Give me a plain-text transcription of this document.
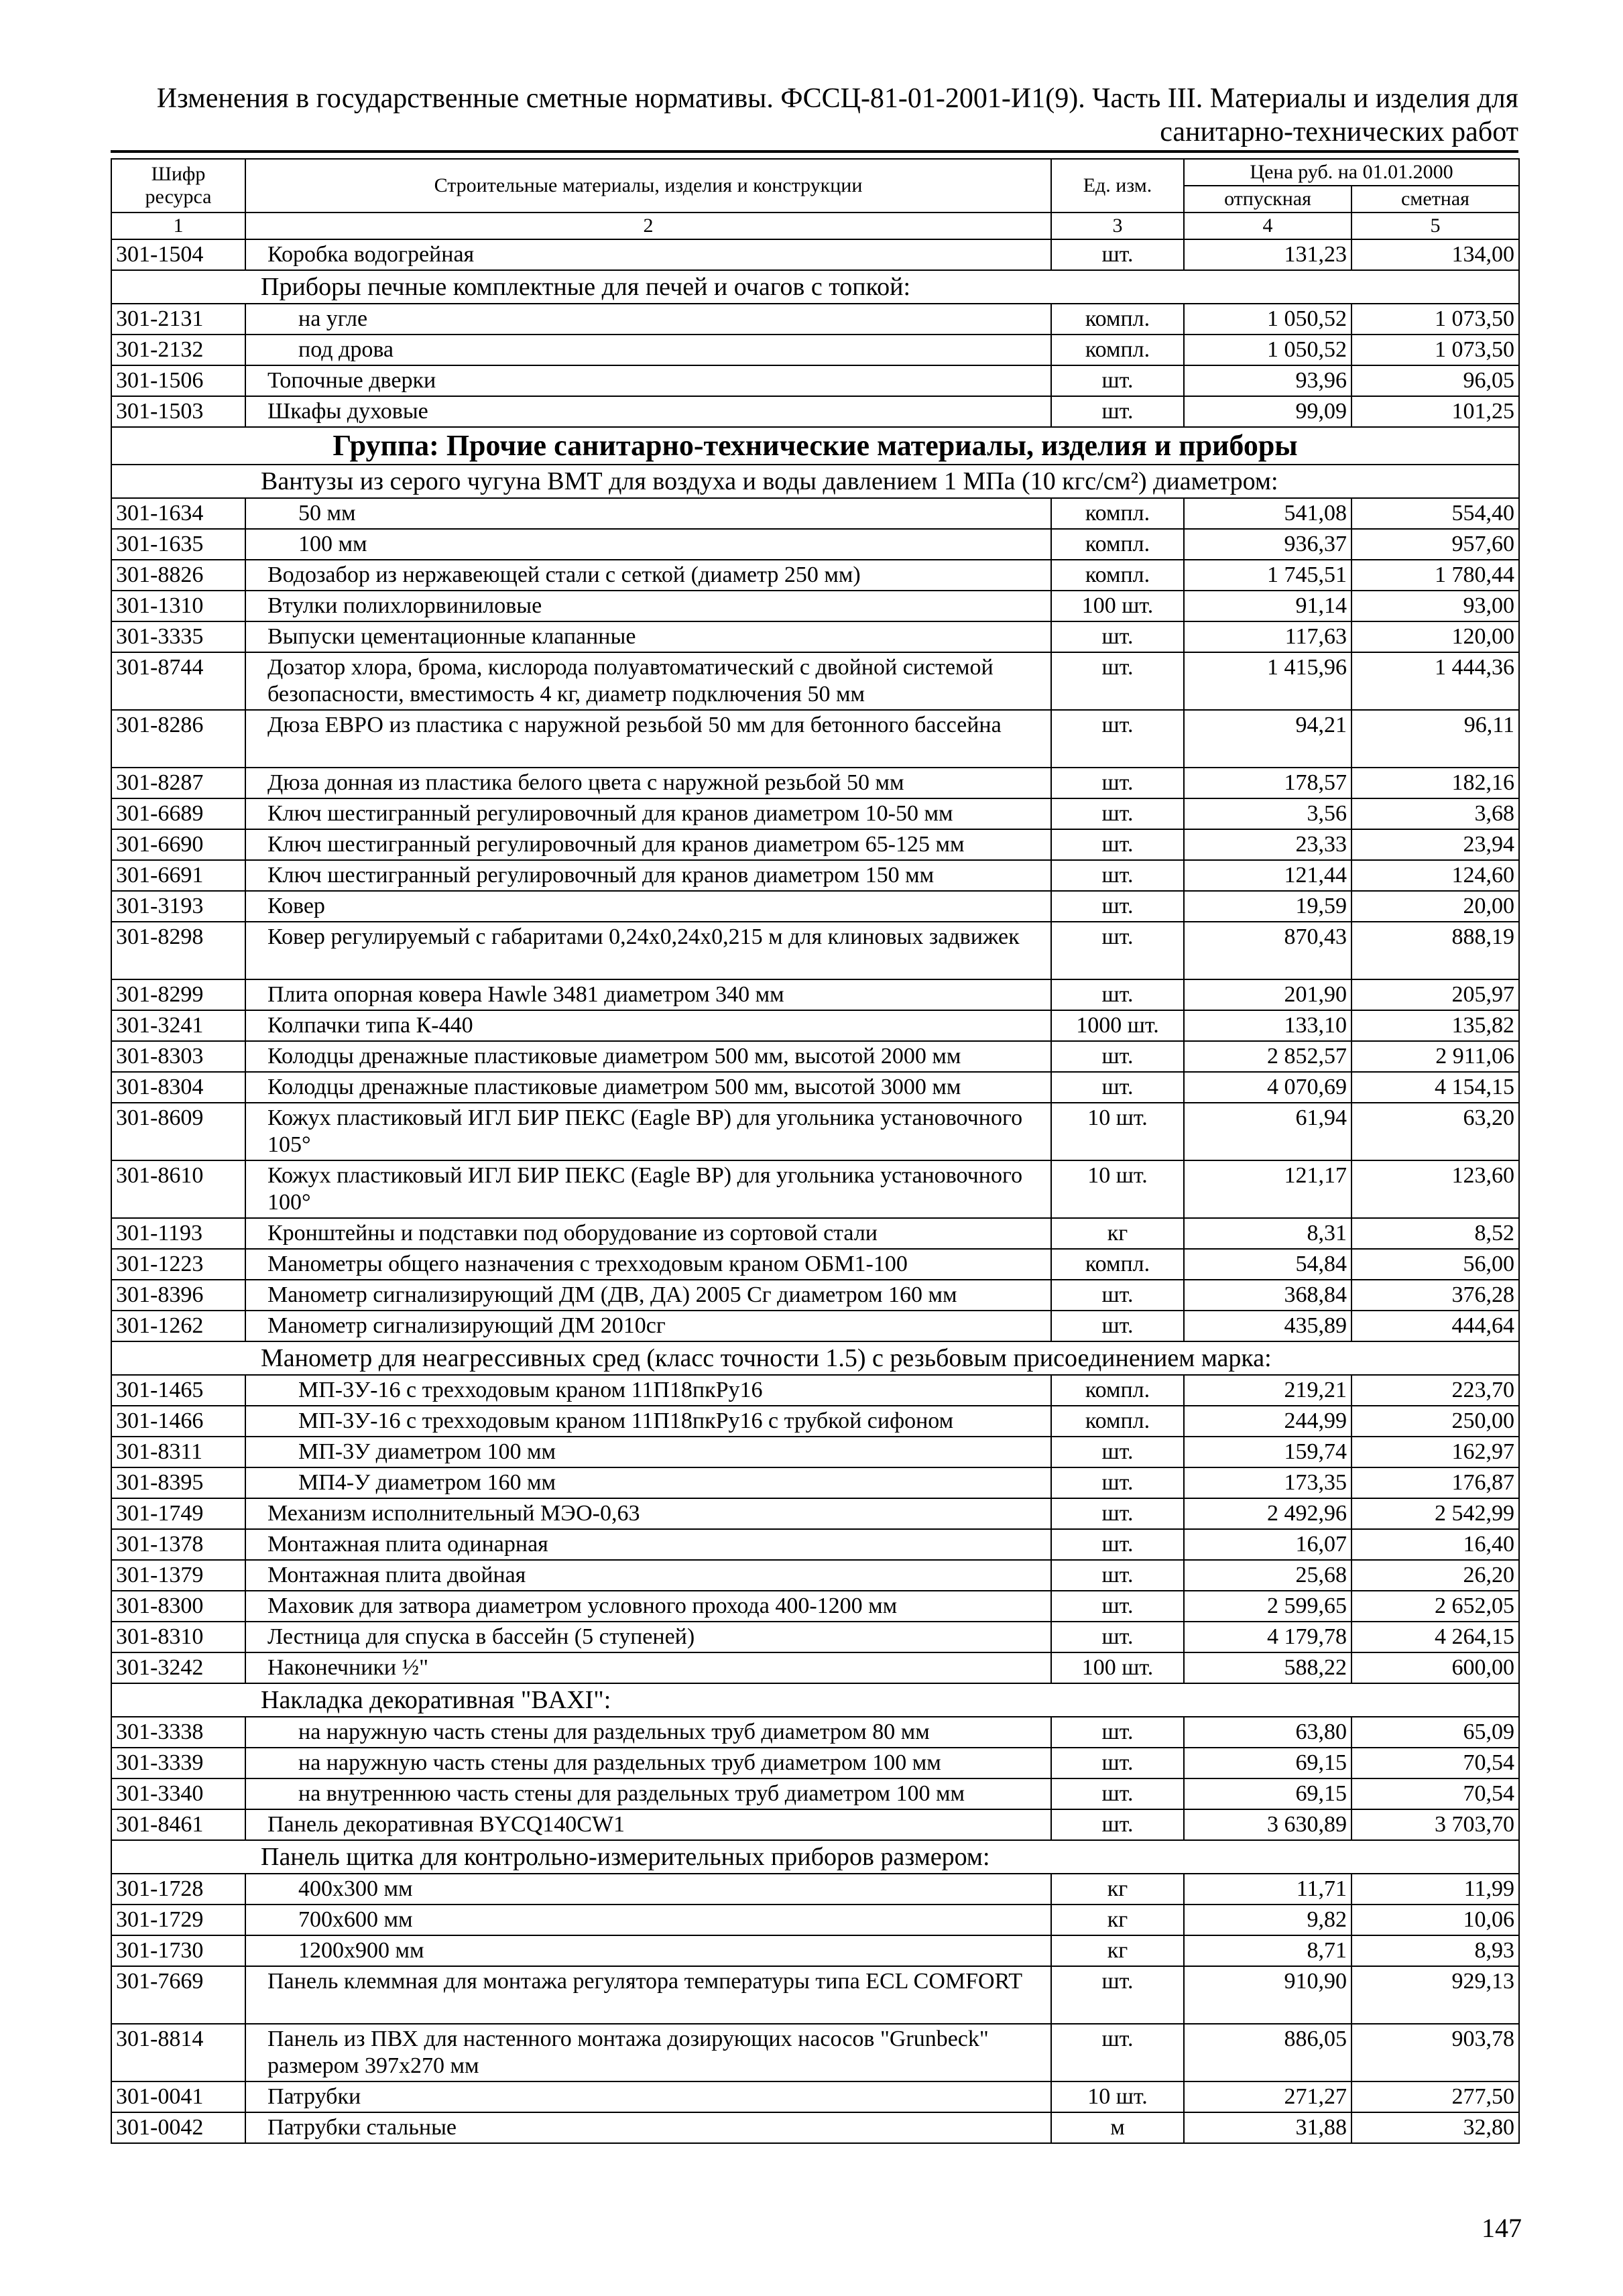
Изменения в государственные сметные нормативы. ФССЦ-81-01-2001-И1(9). Часть III. Материалы и изделия для
санитарно-технических работ
Шифр ресурса	Строительные материалы, изделия и конструкции	Ед. изм.	Цена руб. на 01.01.2000	
			отпускная	сметная
1	2	3	4	5
301-1504	Коробка водогрейная	шт.	131,23	134,00
Приборы печные комплектные для печей и очагов с топкой:				
301-2131	на угле	компл.	1 050,52	1 073,50
301-2132	под дрова	компл.	1 050,52	1 073,50
301-1506	Топочные дверки	шт.	93,96	96,05
301-1503	Шкафы духовые	шт.	99,09	101,25
Группа: Прочие санитарно-технические материалы, изделия и приборы				
Вантузы из серого чугуна ВМТ для воздуха и воды давлением 1 МПа (10 кгс/см²) диаметром:				
301-1634	50 мм	компл.	541,08	554,40
301-1635	100 мм	компл.	936,37	957,60
301-8826	Водозабор из нержавеющей стали с сеткой (диаметр 250 мм)	компл.	1 745,51	1 780,44
301-1310	Втулки полихлорвиниловые	100 шт.	91,14	93,00
301-3335	Выпуски цементационные клапанные	шт.	117,63	120,00
301-8744	Дозатор хлора, брома, кислорода полуавтоматический с двойной системой безопасности, вместимость 4 кг, диаметр подключения 50 мм	шт.	1 415,96	1 444,36
301-8286	Дюза ЕВРО из пластика с наружной резьбой 50 мм для бетонного бассейна	шт.	94,21	96,11
301-8287	Дюза донная из пластика белого цвета с наружной резьбой 50 мм	шт.	178,57	182,16
301-6689	Ключ шестигранный регулировочный для кранов диаметром 10-50 мм	шт.	3,56	3,68
301-6690	Ключ шестигранный регулировочный для кранов диаметром 65-125 мм	шт.	23,33	23,94
301-6691	Ключ шестигранный регулировочный для кранов диаметром 150 мм	шт.	121,44	124,60
301-3193	Ковер	шт.	19,59	20,00
301-8298	Ковер регулируемый с габаритами 0,24х0,24х0,215 м для клиновых задвижек	шт.	870,43	888,19
301-8299	Плита опорная ковера Hawle 3481 диаметром 340 мм	шт.	201,90	205,97
301-3241	Колпачки типа К-440	1000 шт.	133,10	135,82
301-8303	Колодцы дренажные пластиковые диаметром 500 мм, высотой 2000 мм	шт.	2 852,57	2 911,06
301-8304	Колодцы дренажные пластиковые диаметром 500 мм, высотой 3000 мм	шт.	4 070,69	4 154,15
301-8609	Кожух пластиковый ИГЛ БИР ПЕКС (Eagle BP) для угольника установочного 105°	10 шт.	61,94	63,20
301-8610	Кожух пластиковый ИГЛ БИР ПЕКС (Eagle BP) для угольника установочного 100°	10 шт.	121,17	123,60
301-1193	Кронштейны и подставки под оборудование из сортовой стали	кг	8,31	8,52
301-1223	Манометры общего назначения с трехходовым краном ОБМ1-100	компл.	54,84	56,00
301-8396	Манометр сигнализирующий ДМ (ДВ, ДА) 2005 Сг диаметром 160 мм	шт.	368,84	376,28
301-1262	Манометр сигнализирующий ДМ 2010сг	шт.	435,89	444,64
Манометр для неагрессивных сред (класс точности 1.5) с резьбовым присоединением марка:				
301-1465	МП-3У-16 с трехходовым краном 11П18пкРу16	компл.	219,21	223,70
301-1466	МП-3У-16 с трехходовым краном 11П18пкРу16 с трубкой сифоном	компл.	244,99	250,00
301-8311	МП-3У диаметром 100 мм	шт.	159,74	162,97
301-8395	МП4-У диаметром 160 мм	шт.	173,35	176,87
301-1749	Механизм исполнительный МЭО-0,63	шт.	2 492,96	2 542,99
301-1378	Монтажная плита одинарная	шт.	16,07	16,40
301-1379	Монтажная плита двойная	шт.	25,68	26,20
301-8300	Маховик для затвора диаметром условного прохода 400-1200 мм	шт.	2 599,65	2 652,05
301-8310	Лестница для спуска в бассейн (5 ступеней)	шт.	4 179,78	4 264,15
301-3242	Наконечники ½"	100 шт.	588,22	600,00
Накладка декоративная "BAXI":				
301-3338	на наружную часть стены для раздельных труб диаметром 80 мм	шт.	63,80	65,09
301-3339	на наружную часть стены для раздельных труб диаметром 100 мм	шт.	69,15	70,54
301-3340	на внутреннюю часть стены для раздельных труб диаметром 100 мм	шт.	69,15	70,54
301-8461	Панель декоративная BYCQ140CW1	шт.	3 630,89	3 703,70
Панель щитка для контрольно-измерительных приборов размером:				
301-1728	400х300 мм	кг	11,71	11,99
301-1729	700х600 мм	кг	9,82	10,06
301-1730	1200х900 мм	кг	8,71	8,93
301-7669	Панель клеммная для монтажа регулятора температуры типа ECL COMFORT	шт.	910,90	929,13
301-8814	Панель из ПВХ для настенного монтажа дозирующих насосов "Grunbeck" размером 397х270 мм	шт.	886,05	903,78
301-0041	Патрубки	10 шт.	271,27	277,50
301-0042	Патрубки стальные	м	31,88	32,80
147
